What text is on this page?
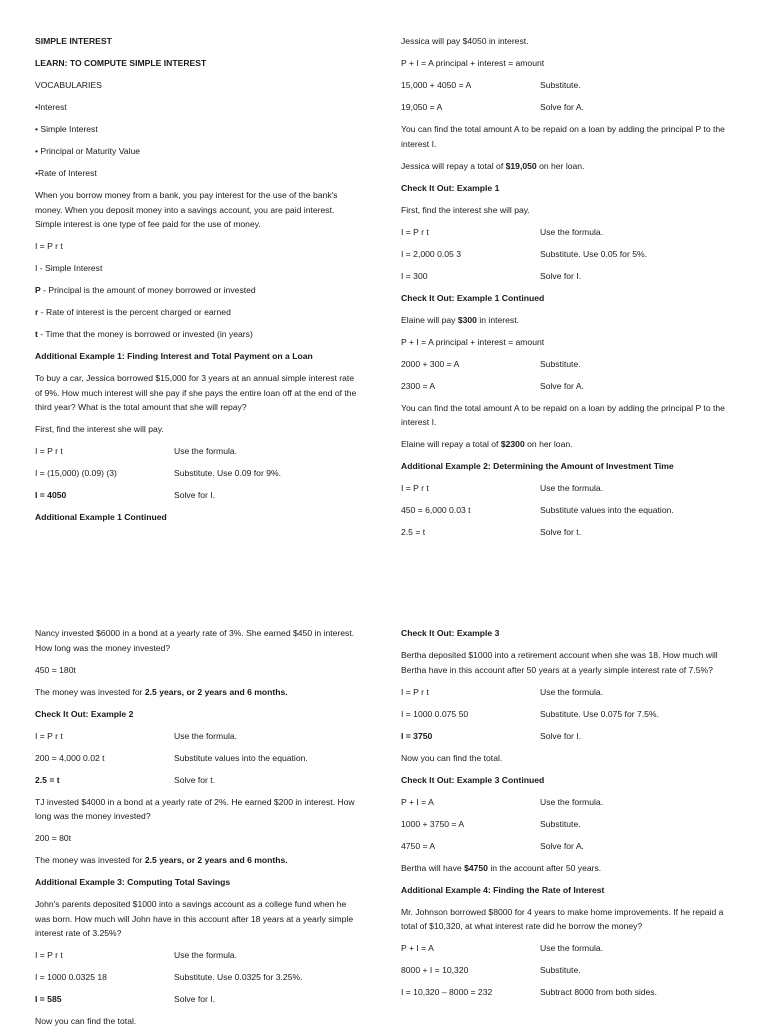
SIMPLE INTEREST
LEARN: TO COMPUTE SIMPLE INTEREST
VOCABULARIES
•Interest
• Simple Interest
• Principal or Maturity Value
•Rate of Interest
When you borrow money from a bank, you pay interest for the use of the bank's money. When you deposit money into a savings account, you are paid interest. Simple interest is one type of fee paid for the use of money.
I = P r t
I - Simple Interest
P - Principal is the amount of money borrowed or invested
r - Rate of interest is the percent charged or earned
t - Time that the money is borrowed or invested (in years)
Additional Example 1: Finding Interest and Total Payment on a Loan
To buy a car, Jessica borrowed $15,000 for 3 years at an annual simple interest rate of 9%. How much interest will she pay if she pays the entire loan off at the end of the third year? What is the total amount that she will repay?
First, find the interest she will pay.
I = P r t	Use the formula.
I = (15,000) (0.09) (3)	Substitute. Use 0.09 for 9%.
I = 4050	Solve for I.
Additional Example 1 Continued
Jessica will pay $4050 in interest.
P + I = A principal + interest = amount
15,000 + 4050 = A	Substitute.
19,050 = A	Solve for A.
You can find the total amount A to be repaid on a loan by adding the principal P to the interest I.
Jessica will repay a total of $19,050 on her loan.
Check It Out: Example 1
First, find the interest she will pay.
I = P r t	Use the formula.
I = 2,000 0.05 3	Substitute. Use 0.05 for 5%.
I = 300	Solve for I.
Check It Out: Example 1 Continued
Elaine will pay $300 in interest.
P + I = A principal + interest = amount
2000 + 300 = A	Substitute.
2300 = A	Solve for A.
You can find the total amount A to be repaid on a loan by adding the principal P to the interest I.
Elaine will repay a total of $2300 on her loan.
Additional Example 2: Determining the Amount of Investment Time
I = P r t	Use the formula.
450 = 6,000 0.03 t	Substitute values into the equation.
2.5 = t	Solve for t.
Nancy invested $6000 in a bond at a yearly rate of 3%. She earned $450 in interest. How long was the money invested?
450 = 180t
The money was invested for 2.5 years, or 2 years and 6 months.
Check It Out: Example 2
I = P r t	Use the formula.
200 = 4,000 0.02 t	Substitute values into the equation.
2.5 = t	Solve for t.
TJ invested $4000 in a bond at a yearly rate of 2%. He earned $200 in interest. How long was the money invested?
200 = 80t
The money was invested for 2.5 years, or 2 years and 6 months.
Additional Example 3: Computing Total Savings
John's parents deposited $1000 into a savings account as a college fund when he was born. How much will John have in this account after 18 years at a yearly simple interest rate of 3.25%?
I = P r t	Use the formula.
I = 1000 0.0325 18	Substitute. Use 0.0325 for 3.25%.
I = 585	Solve for I.
Now you can find the total.
Check It Out: Example 3
Bertha deposited $1000 into a retirement account when she was 18. How much will Bertha have in this account after 50 years at a yearly simple interest rate of 7.5%?
I = P r t	Use the formula.
I = 1000 0.075 50	Substitute. Use 0.075 for 7.5%.
I = 3750	Solve for I.
Now you can find the total.
Check It Out: Example 3 Continued
P + I = A	Use the formula.
1000 + 3750 = A	Substitute.
4750 = A	Solve for A.
Bertha will have $4750 in the account after 50 years.
Additional Example 4: Finding the Rate of Interest
Mr. Johnson borrowed $8000 for 4 years to make home improvements. If he repaid a total of $10,320, at what interest rate did he borrow the money?
P + I = A	Use the formula.
8000 + I = 10,320	Substitute.
I = 10,320 – 8000 = 232	Subtract 8000 from both sides.
